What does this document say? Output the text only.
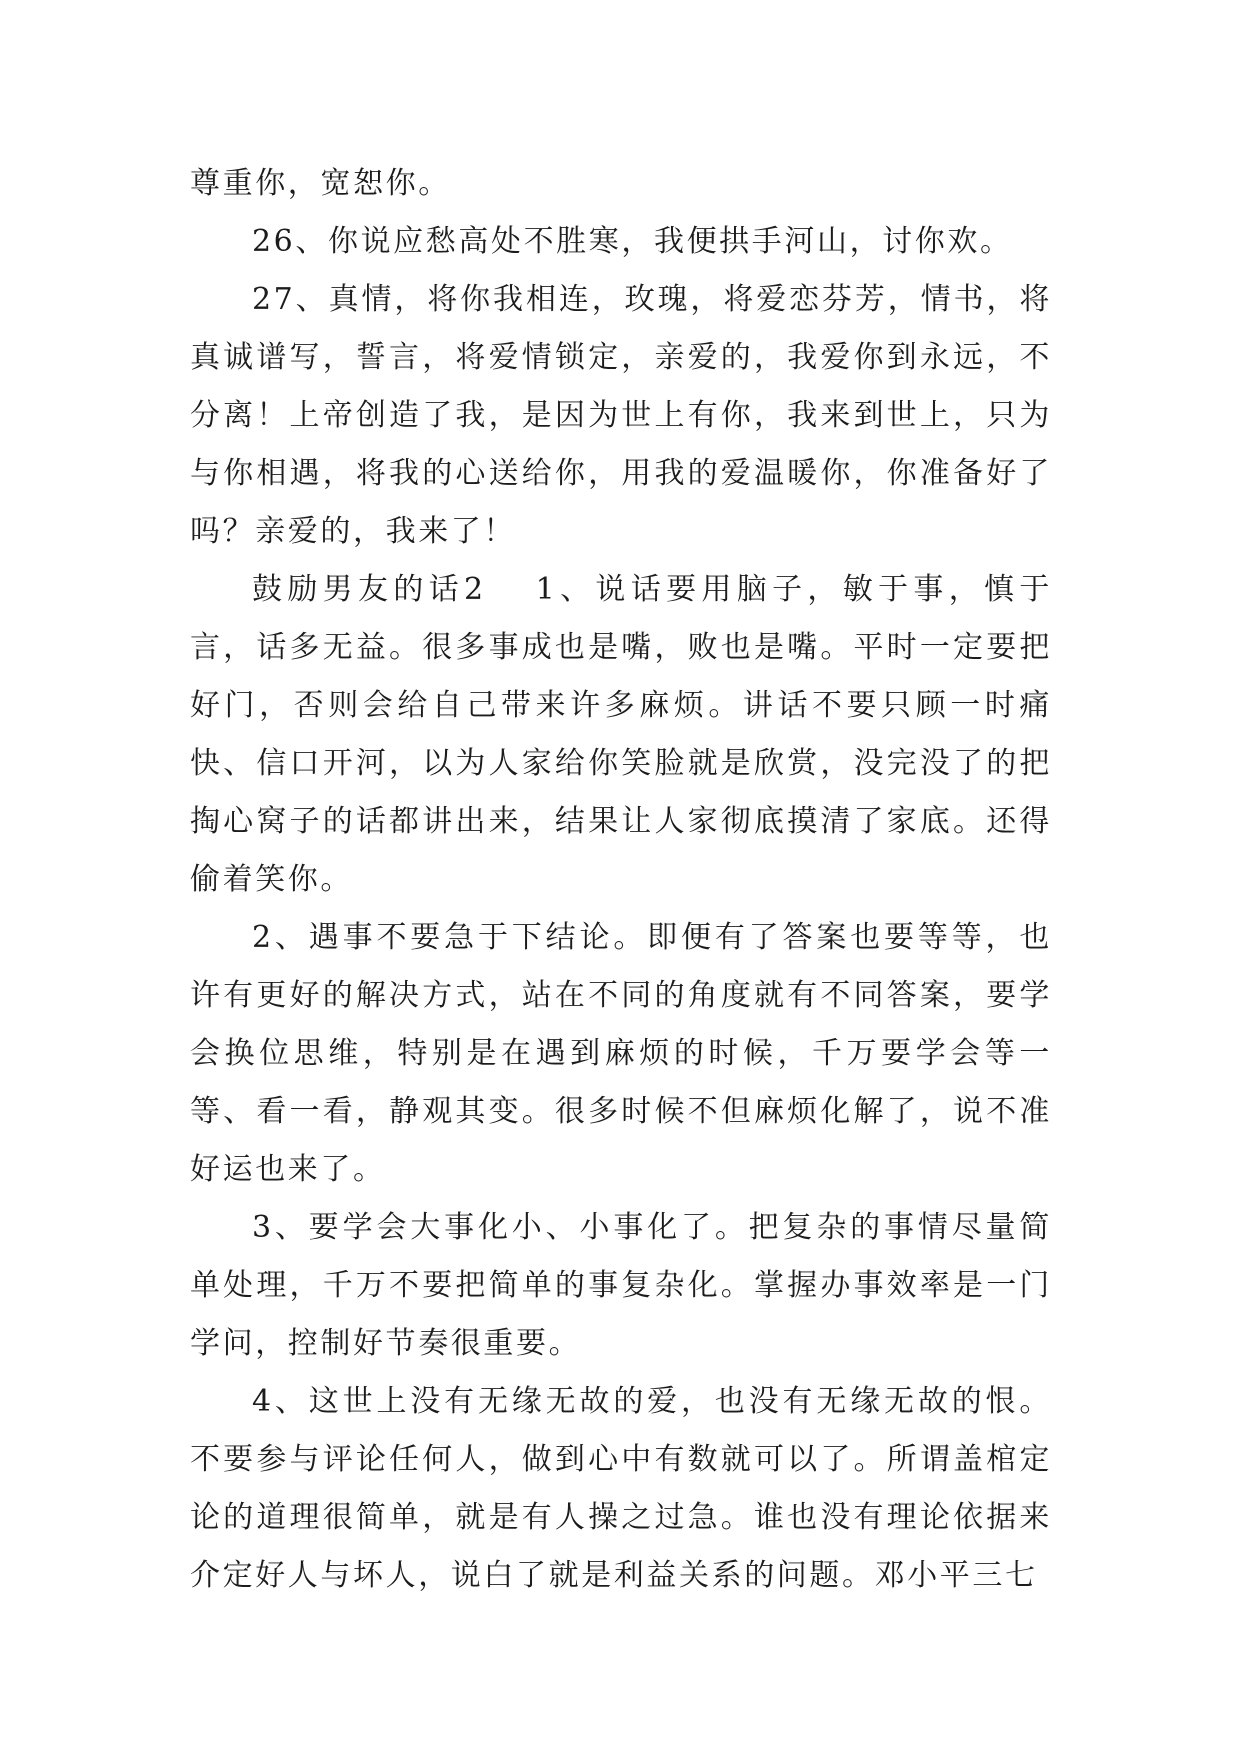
尊重你，宽恕你。

26、你说应愁高处不胜寒，我便拱手河山，讨你欢。

27、真情，将你我相连，玫瑰，将爱恋芬芳，情书，将真诚谱写，誓言，将爱情锁定，亲爱的，我爱你到永远，不分离！上帝创造了我，是因为世上有你，我来到世上，只为与你相遇，将我的心送给你，用我的爱温暖你，你准备好了吗？亲爱的，我来了！

鼓励男友的话2 1、说话要用脑子，敏于事，慎于言，话多无益。很多事成也是嘴，败也是嘴。平时一定要把好门，否则会给自己带来许多麻烦。讲话不要只顾一时痛快、信口开河，以为人家给你笑脸就是欣赏，没完没了的把掏心窝子的话都讲出来，结果让人家彻底摸清了家底。还得偷着笑你。

2、遇事不要急于下结论。即便有了答案也要等等，也许有更好的解决方式，站在不同的角度就有不同答案，要学会换位思维，特别是在遇到麻烦的时候，千万要学会等一等、看一看，静观其变。很多时候不但麻烦化解了，说不准好运也来了。

3、要学会大事化小、小事化了。把复杂的事情尽量简单处理，千万不要把简单的事复杂化。掌握办事效率是一门学问，控制好节奏很重要。

4、这世上没有无缘无故的爱，也没有无缘无故的恨。不要参与评论任何人，做到心中有数就可以了。所谓盖棺定论的道理很简单，就是有人操之过急。谁也没有理论依据来介定好人与坏人，说白了就是利益关系的问题。邓小平三七
